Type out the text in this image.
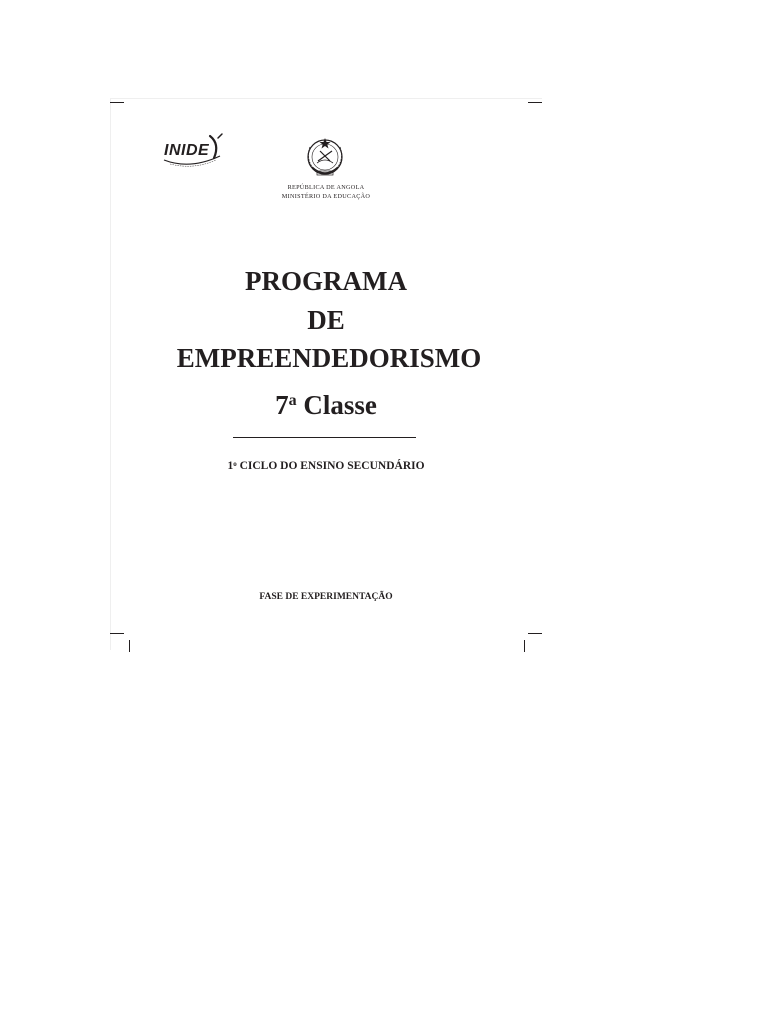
INIDE
REPÚBLICA DE ANGOLA
MINISTÉRIO DA EDUCAÇÃO
PROGRAMA
DE
EMPREENDEDORISMO
7$^a$ Classe
1$^o$ CICLO DO ENSINO SECUNDÁRIO
FASE DE EXPERIMENTAÇÃO
